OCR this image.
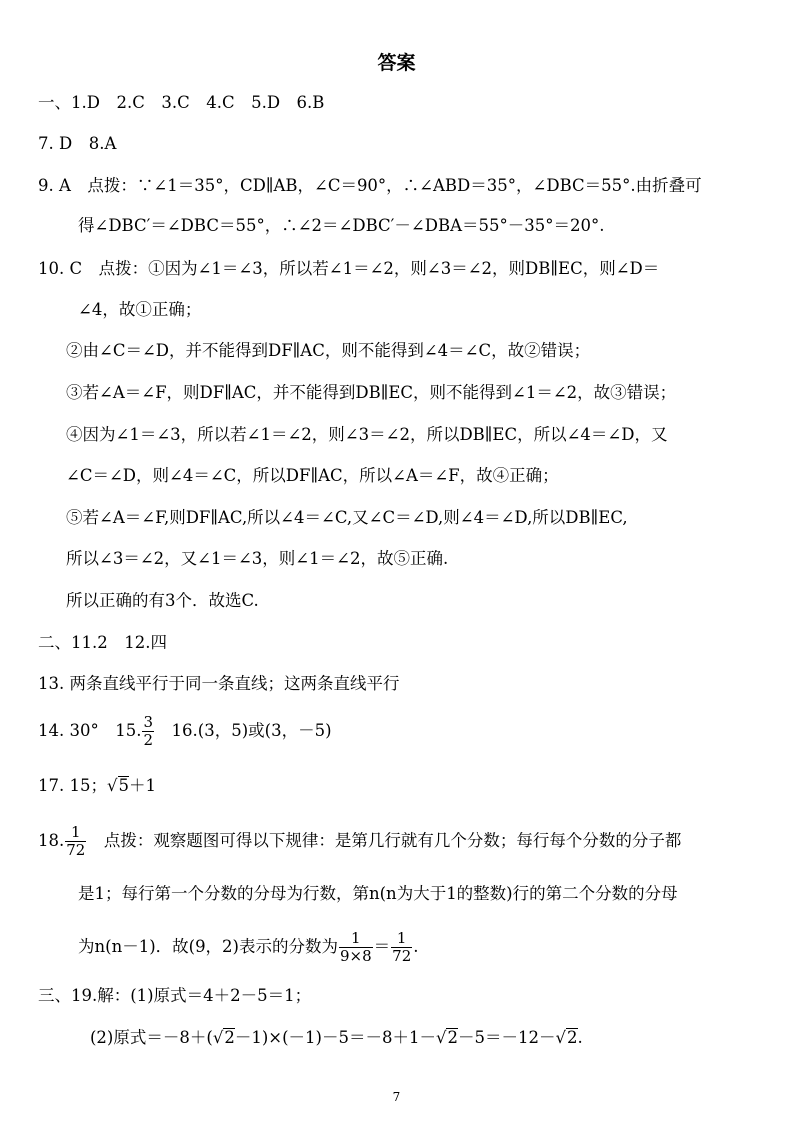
答案
一、1.D　2.C　3.C　4.C　5.D　6.B
7. D　8.A
9. A　点拨：∵∠1＝35°，CD∥AB，∠C＝90°，∴∠ABD＝35°，∠DBC＝55°.由折叠可
得∠DBC′＝∠DBC＝55°，∴∠2＝∠DBC′－∠DBA＝55°－35°＝20°.
10. C　点拨：①因为∠1＝∠3，所以若∠1＝∠2，则∠3＝∠2，则DB∥EC，则∠D＝
∠4，故①正确；
②由∠C＝∠D，并不能得到DF∥AC，则不能得到∠4＝∠C，故②错误；
③若∠A＝∠F，则DF∥AC，并不能得到DB∥EC，则不能得到∠1＝∠2，故③错误；
④因为∠1＝∠3，所以若∠1＝∠2，则∠3＝∠2，所以DB∥EC，所以∠4＝∠D，又
∠C＝∠D，则∠4＝∠C，所以DF∥AC，所以∠A＝∠F，故④正确；
⑤若∠A＝∠F,则DF∥AC,所以∠4＝∠C,又∠C＝∠D,则∠4＝∠D,所以DB∥EC,
所以∠3＝∠2，又∠1＝∠3，则∠1＝∠2，故⑤正确.
所以正确的有3个．故选C.
二、11.2　12.四
13. 两条直线平行于同一条直线；这两条直线平行
14. 30°　15. $\frac{3}{2}$ 　16.(3，5)或(3，－5)
17. 15；√5＋1
18. $\frac{1}{72}$ 　点拨：观察题图可得以下规律：是第几行就有几个分数；每行每个分数的分子都
是1；每行第一个分数的分母为行数，第n(n为大于1的整数)行的第二个分数的分母
为n(n－1)．故(9，2)表示的分数为 $\frac{1}{9\times 8} = \frac{1}{72}$ .
三、19.解：(1)原式＝4＋2－5＝1；
(2)原式＝－8＋(√2－1)×(－1)－5＝－8＋1－√2－5＝－12－√2.
7
